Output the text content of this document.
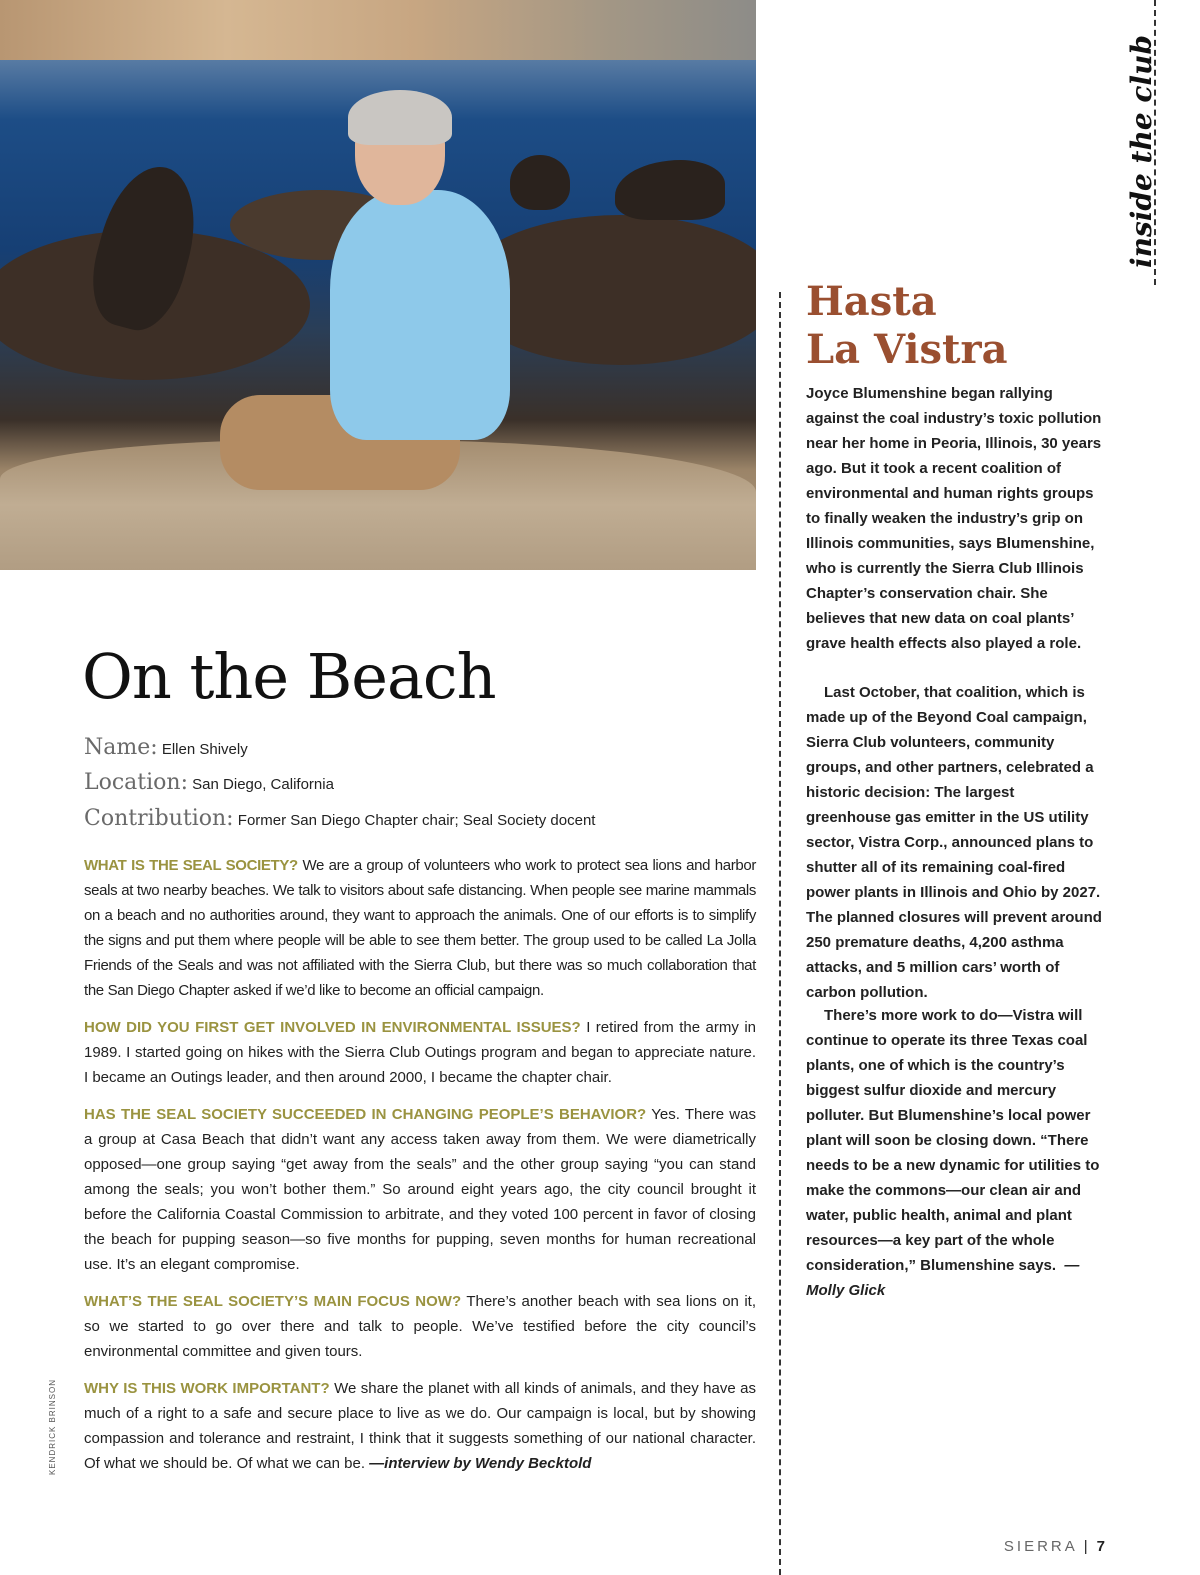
KENDRICK BRINSON
On the Beach
Name: Ellen Shively
Location: San Diego, California
Contribution: Former San Diego Chapter chair; Seal Society docent

WHAT IS THE SEAL SOCIETY? We are a group of volunteers who work to protect sea lions and harbor seals at two nearby beaches. We talk to visitors about safe distancing. When people see marine mammals on a beach and no authorities around, they want to approach the animals. One of our efforts is to simplify the signs and put them where people will be able to see them better. The group used to be called La Jolla Friends of the Seals and was not affiliated with the Sierra Club, but there was so much collaboration that the San Diego Chapter asked if we’d like to become an official campaign.

HOW DID YOU FIRST GET INVOLVED IN ENVIRONMENTAL ISSUES? I retired from the army in 1989. I started going on hikes with the Sierra Club Outings program and began to appreciate nature. I became an Outings leader, and then around 2000, I became the chapter chair.

HAS THE SEAL SOCIETY SUCCEEDED IN CHANGING PEOPLE’S BEHAVIOR? Yes. There was a group at Casa Beach that didn’t want any access taken away from them. We were diametrically opposed—one group saying “get away from the seals” and the other group saying “you can stand among the seals; you won’t bother them.” So around eight years ago, the city council brought it before the California Coastal Commission to arbitrate, and they voted 100 percent in favor of closing the beach for pupping season—so five months for pupping, seven months for human recreational use. It’s an elegant compromise.

WHAT’S THE SEAL SOCIETY’S MAIN FOCUS NOW? There’s another beach with sea lions on it, so we started to go over there and talk to people. We’ve testified before the city council’s environmental committee and given tours.

WHY IS THIS WORK IMPORTANT? We share the planet with all kinds of animals, and they have as much of a right to a safe and secure place to live as we do. Our campaign is local, but by showing compassion and tolerance and restraint, I think that it suggests something of our national character. Of what we should be. Of what we can be. —interview by Wendy Becktold

inside the club
Hasta
La Vistra

Joyce Blumenshine began rallying against the coal industry’s toxic pollution near her home in Peoria, Illinois, 30 years ago. But it took a recent coalition of environmental and human rights groups to finally weaken the industry’s grip on Illinois communities, says Blumenshine, who is currently the Sierra Club Illinois Chapter’s conservation chair. She believes that new data on coal plants’ grave health effects also played a role.

Last October, that coalition, which is made up of the Beyond Coal campaign, Sierra Club volunteers, community groups, and other partners, celebrated a historic decision: The largest greenhouse gas emitter in the US utility sector, Vistra Corp., announced plans to shutter all of its remaining coal-fired power plants in Illinois and Ohio by 2027. The planned closures will prevent around 250 premature deaths, 4,200 asthma attacks, and 5 million cars’ worth of carbon pollution.

There’s more work to do—Vistra will continue to operate its three Texas coal plants, one of which is the country’s biggest sulfur dioxide and mercury polluter. But Blumenshine’s local power plant will soon be closing down. “There needs to be a new dynamic for utilities to make the commons—our clean air and water, public health, animal and plant resources—a key part of the whole consideration,” Blumenshine says. —Molly Glick

SIERRA | 7
